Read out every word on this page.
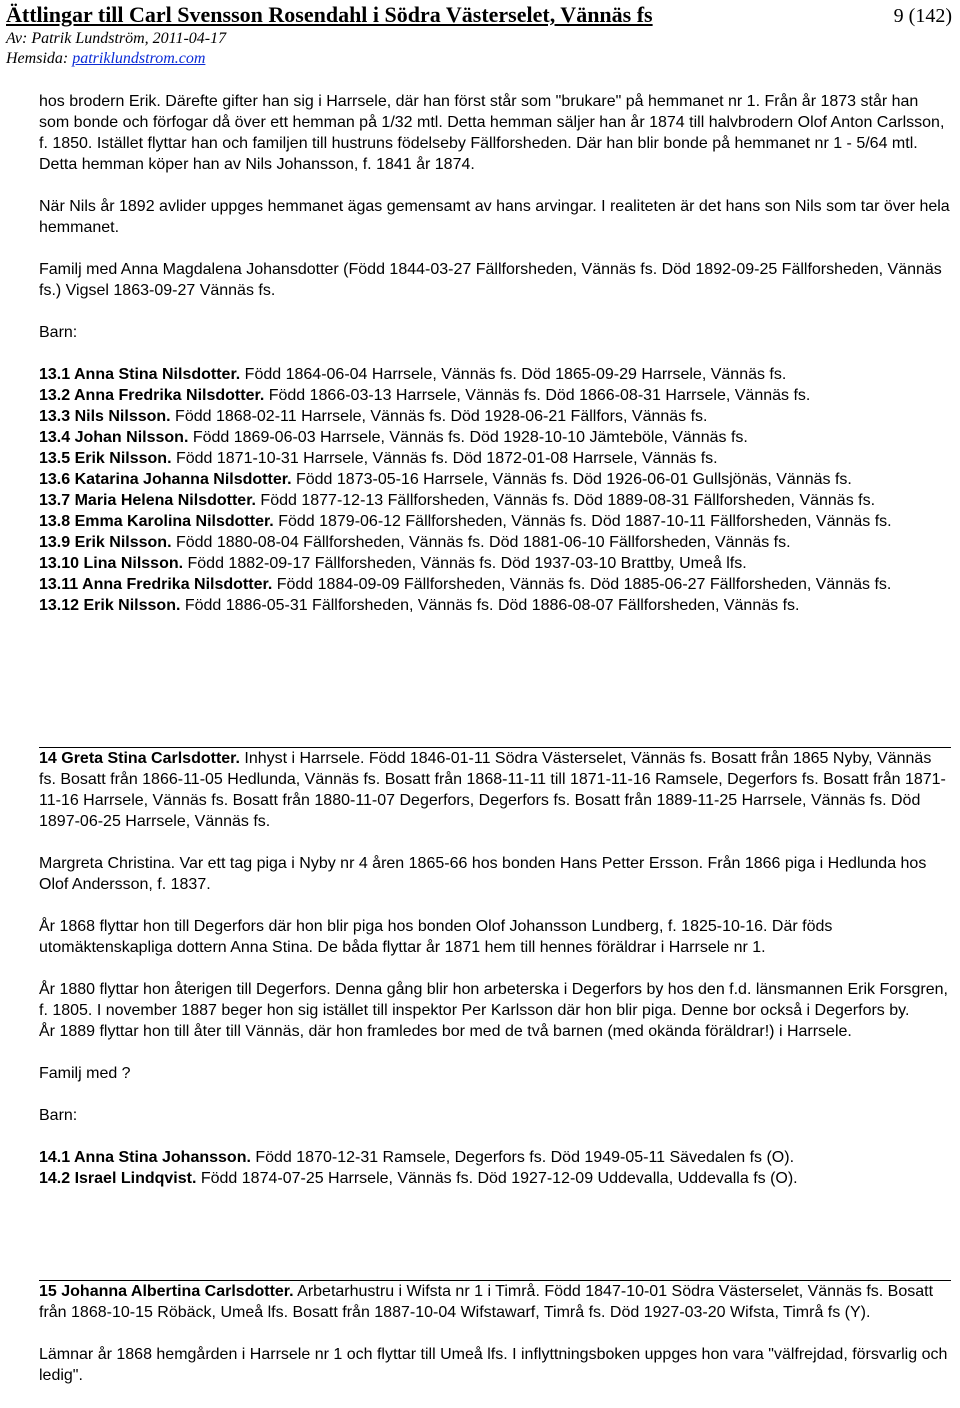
Ättlingar till Carl Svensson Rosendahl i Södra Västerselet, Vännäs fs	9 (142)
Av: Patrik Lundström, 2011-04-17
Hemsida: patriklundstrom.com

hos brodern Erik. Därefte gifter han sig i Harrsele, där han först står som "brukare" på hemmanet nr 1. Från år 1873 står han som bonde och förfogar då över ett hemman på 1/32 mtl. Detta hemman säljer han år 1874 till halvbrodern Olof Anton Carlsson, f. 1850. Istället flyttar han och familjen till hustruns födelseby Fällforsheden. Där han blir bonde på hemmanet nr 1 - 5/64 mtl. Detta hemman köper han av Nils Johansson, f. 1841 år 1874.

När Nils år 1892 avlider uppges hemmanet ägas gemensamt av hans arvingar. I realiteten är det hans son Nils som tar över hela hemmanet.

Familj med Anna Magdalena Johansdotter (Född 1844-03-27 Fällforsheden, Vännäs fs. Död 1892-09-25 Fällforsheden, Vännäs fs.) Vigsel 1863-09-27 Vännäs fs.

Barn:

13.1 Anna Stina Nilsdotter. Född 1864-06-04 Harrsele, Vännäs fs. Död 1865-09-29 Harrsele, Vännäs fs.

13.2 Anna Fredrika Nilsdotter. Född 1866-03-13 Harrsele, Vännäs fs. Död 1866-08-31 Harrsele, Vännäs fs.

13.3 Nils Nilsson. Född 1868-02-11 Harrsele, Vännäs fs. Död 1928-06-21 Fällfors, Vännäs fs.

13.4 Johan Nilsson. Född 1869-06-03 Harrsele, Vännäs fs. Död 1928-10-10 Jämteböle, Vännäs fs.

13.5 Erik Nilsson. Född 1871-10-31 Harrsele, Vännäs fs. Död 1872-01-08 Harrsele, Vännäs fs.

13.6 Katarina Johanna Nilsdotter. Född 1873-05-16 Harrsele, Vännäs fs. Död 1926-06-01 Gullsjönäs, Vännäs fs.

13.7 Maria Helena Nilsdotter. Född 1877-12-13 Fällforsheden, Vännäs fs. Död 1889-08-31 Fällforsheden, Vännäs fs.

13.8 Emma Karolina Nilsdotter. Född 1879-06-12 Fällforsheden, Vännäs fs. Död 1887-10-11 Fällforsheden, Vännäs fs.

13.9 Erik Nilsson. Född 1880-08-04 Fällforsheden, Vännäs fs. Död 1881-06-10 Fällforsheden, Vännäs fs.

13.10 Lina Nilsson. Född 1882-09-17 Fällforsheden, Vännäs fs. Död 1937-03-10 Brattby, Umeå lfs.

13.11 Anna Fredrika Nilsdotter. Född 1884-09-09 Fällforsheden, Vännäs fs. Död 1885-06-27 Fällforsheden, Vännäs fs.

13.12 Erik Nilsson. Född 1886-05-31 Fällforsheden, Vännäs fs. Död 1886-08-07 Fällforsheden, Vännäs fs.

14 Greta Stina Carlsdotter. Inhyst i Harrsele. Född 1846-01-11 Södra Västerselet, Vännäs fs. Bosatt från 1865 Nyby, Vännäs fs. Bosatt från 1866-11-05 Hedlunda, Vännäs fs. Bosatt från 1868-11-11 till 1871-11-16 Ramsele, Degerfors fs. Bosatt från 1871-11-16 Harrsele, Vännäs fs. Bosatt från 1880-11-07 Degerfors, Degerfors fs. Bosatt från 1889-11-25 Harrsele, Vännäs fs. Död 1897-06-25 Harrsele, Vännäs fs.

Margreta Christina. Var ett tag piga i Nyby nr 4 åren 1865-66 hos bonden Hans Petter Ersson. Från 1866 piga i Hedlunda hos Olof Andersson, f. 1837.

År 1868 flyttar hon till Degerfors där hon blir piga hos bonden Olof Johansson Lundberg, f. 1825-10-16. Där föds utomäktenskapliga dottern Anna Stina. De båda flyttar år 1871 hem till hennes föräldrar i Harrsele nr 1.

År 1880 flyttar hon återigen till Degerfors. Denna gång blir hon arbeterska i Degerfors by hos den f.d. länsmannen Erik Forsgren, f. 1805. I november 1887 beger hon sig istället till inspektor Per Karlsson där hon blir piga. Denne bor också i Degerfors by.

År 1889 flyttar hon till åter till Vännäs, där hon framledes bor med de två barnen (med okända föräldrar!) i Harrsele.

Familj med ?

Barn:

14.1 Anna Stina Johansson. Född 1870-12-31 Ramsele, Degerfors fs. Död 1949-05-11 Sävedalen fs (O).

14.2 Israel Lindqvist. Född 1874-07-25 Harrsele, Vännäs fs. Död 1927-12-09 Uddevalla, Uddevalla fs (O).

15 Johanna Albertina Carlsdotter. Arbetarhustru i Wifsta nr 1 i Timrå. Född 1847-10-01 Södra Västerselet, Vännäs fs. Bosatt från 1868-10-15 Röbäck, Umeå lfs. Bosatt från 1887-10-04 Wifstawarf, Timrå fs. Död 1927-03-20 Wifsta, Timrå fs (Y).

Lämnar år 1868 hemgården i Harrsele nr 1 och flyttar till Umeå lfs. I inflyttningsboken uppges hon vara "välfrejdad, försvarlig och ledig".
